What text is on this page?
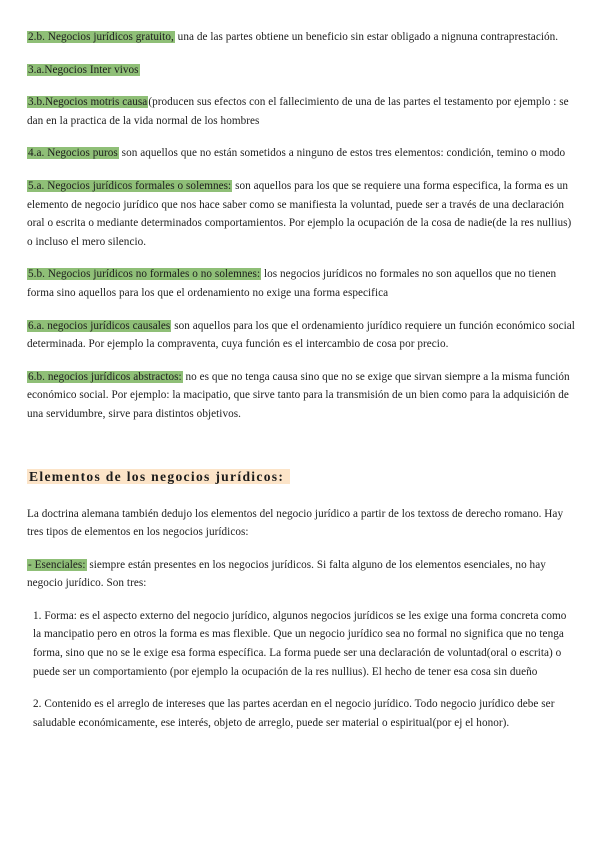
2.b. Negocios jurídicos gratuito, una de las partes obtiene un beneficio sin estar obligado a nignuna contraprestación.

3.a.Negocios Inter vivos

3.b.Negocios motris causa(producen sus efectos con el fallecimiento de una de las partes el testamento por ejemplo : se dan en la practica de la vida normal de los hombres

4.a. Negocios puros son aquellos que no están sometidos a ninguno de estos tres elementos: condición, temino o modo

5.a. Negocios jurídicos formales o solemnes: son aquellos para los que se requiere una forma especifica, la forma es un elemento de negocio jurídico que nos hace saber como se manifiesta la voluntad, puede ser a través de una declaración oral o escrita o mediante determinados comportamientos. Por ejemplo la ocupación de la cosa de nadie(de la res nullius) o incluso el mero silencio.

5.b. Negocios jurídicos no formales o no solemnes: los negocios jurídicos no formales no son aquellos que no tienen forma sino aquellos para los que el ordenamiento no exige una forma especifica

6.a. negocios jurídicos causales son aquellos para los que el ordenamiento jurídico requiere un función económico social determinada. Por ejemplo la compraventa, cuya función es el intercambio de cosa por precio.

6.b. negocios jurídicos abstractos: no es que no tenga causa sino que no se exige que sirvan siempre a la misma función económico social. Por ejemplo: la macipatio, que sirve tanto para la transmisión de un bien como para la adquisición de una servidumbre, sirve para distintos objetivos.

Elementos de los negocios jurídicos:

La doctrina alemana también dedujo los elementos del negocio jurídico a partir de los textoss de derecho romano. Hay tres tipos de elementos en los negocios jurídicos:

- Esenciales: siempre están presentes en los negocios jurídicos. Si falta alguno de los elementos esenciales, no hay negocio jurídico. Son tres:

1. Forma: es el aspecto externo del negocio jurídico, algunos negocios jurídicos se les exige una forma concreta como la mancipatio pero en otros la forma es mas flexible. Que un negocio jurídico sea no formal no significa que no tenga forma, sino que no se le exige esa forma específica. La forma puede ser una declaración de voluntad(oral o escrita) o puede ser un comportamiento (por ejemplo la ocupación de la res nullius). El hecho de tener esa cosa sin dueño

2. Contenido es el arreglo de intereses que las partes acerdan en el negocio jurídico. Todo negocio jurídico debe ser saludable económicamente, ese interés, objeto de arreglo, puede ser material o espiritual(por ej el honor).
